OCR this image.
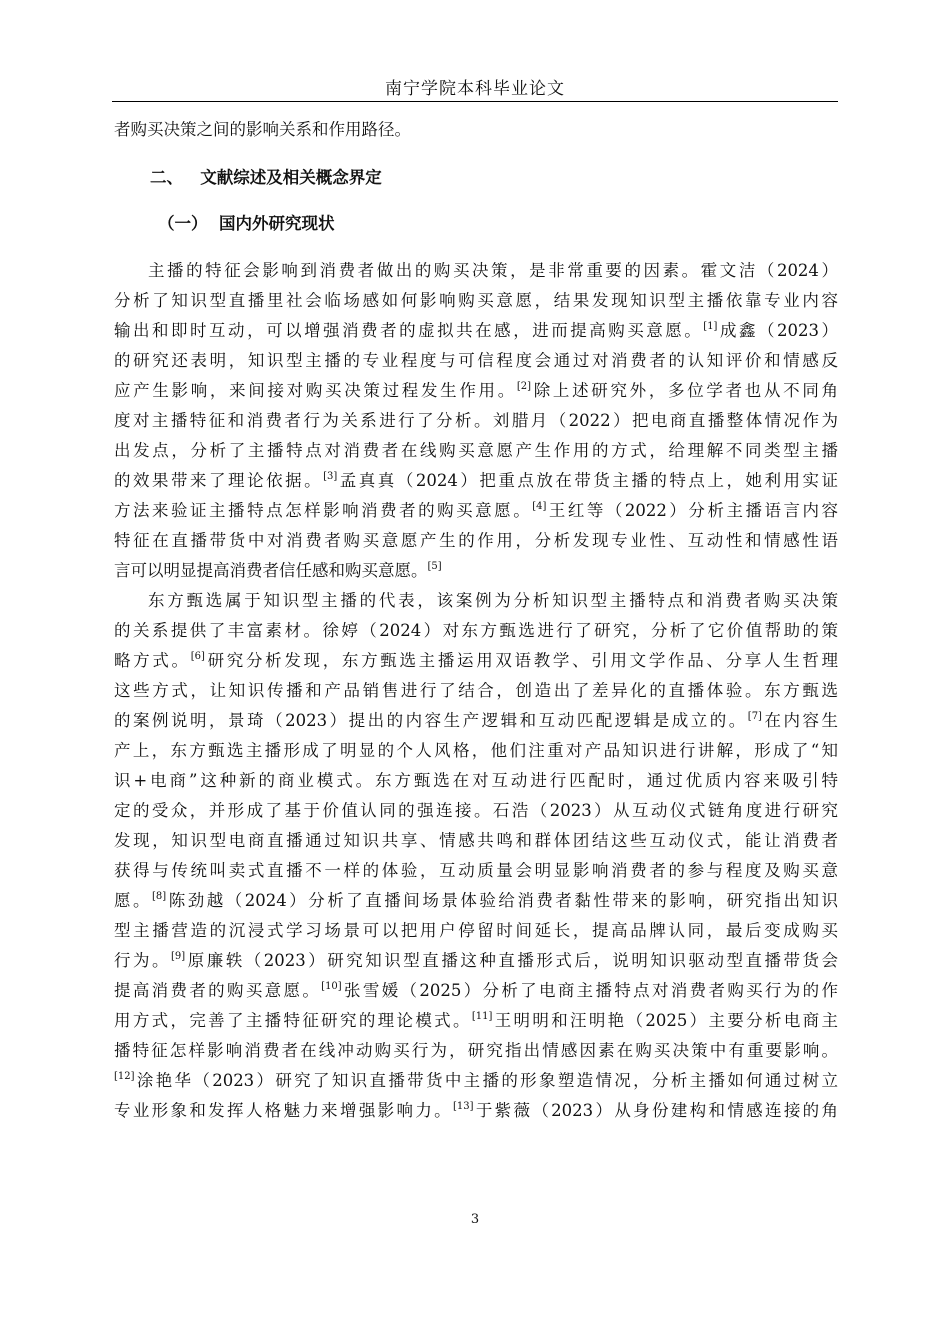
南宁学院本科毕业论文
者购买决策之间的影响关系和作用路径。
二、 文献综述及相关概念界定
（一） 国内外研究现状
主播的特征会影响到消费者做出的购买决策，是非常重要的因素。霍文洁（2024）
分析了知识型直播里社会临场感如何影响购买意愿，结果发现知识型主播依靠专业内容
输出和即时互动，可以增强消费者的虚拟共在感，进而提高购买意愿。[1]成鑫（2023）
的研究还表明，知识型主播的专业程度与可信程度会通过对消费者的认知评价和情感反
应产生影响，来间接对购买决策过程发生作用。[2]除上述研究外，多位学者也从不同角
度对主播特征和消费者行为关系进行了分析。刘腊月（2022）把电商直播整体情况作为
出发点，分析了主播特点对消费者在线购买意愿产生作用的方式，给理解不同类型主播
的效果带来了理论依据。[3]孟真真（2024）把重点放在带货主播的特点上，她利用实证
方法来验证主播特点怎样影响消费者的购买意愿。[4]王红等（2022）分析主播语言内容
特征在直播带货中对消费者购买意愿产生的作用，分析发现专业性、互动性和情感性语
言可以明显提高消费者信任感和购买意愿。[5]
东方甄选属于知识型主播的代表，该案例为分析知识型主播特点和消费者购买决策
的关系提供了丰富素材。徐婷（2024）对东方甄选进行了研究，分析了它价值帮助的策
略方式。[6]研究分析发现，东方甄选主播运用双语教学、引用文学作品、分享人生哲理
这些方式，让知识传播和产品销售进行了结合，创造出了差异化的直播体验。东方甄选
的案例说明，景琦（2023）提出的内容生产逻辑和互动匹配逻辑是成立的。[7]在内容生
产上，东方甄选主播形成了明显的个人风格，他们注重对产品知识进行讲解，形成了“知
识+电商”这种新的商业模式。东方甄选在对互动进行匹配时，通过优质内容来吸引特
定的受众，并形成了基于价值认同的强连接。石浩（2023）从互动仪式链角度进行研究
发现，知识型电商直播通过知识共享、情感共鸣和群体团结这些互动仪式，能让消费者
获得与传统叫卖式直播不一样的体验，互动质量会明显影响消费者的参与程度及购买意
愿。[8]陈劲越（2024）分析了直播间场景体验给消费者黏性带来的影响，研究指出知识
型主播营造的沉浸式学习场景可以把用户停留时间延长，提高品牌认同，最后变成购买
行为。[9]原廉轶（2023）研究知识型直播这种直播形式后，说明知识驱动型直播带货会
提高消费者的购买意愿。[10]张雪媛（2025）分析了电商主播特点对消费者购买行为的作
用方式，完善了主播特征研究的理论模式。[11]王明明和汪明艳（2025）主要分析电商主
播特征怎样影响消费者在线冲动购买行为，研究指出情感因素在购买决策中有重要影响。
[12]涂艳华（2023）研究了知识直播带货中主播的形象塑造情况，分析主播如何通过树立
专业形象和发挥人格魅力来增强影响力。[13]于紫薇（2023）从身份建构和情感连接的角
3
